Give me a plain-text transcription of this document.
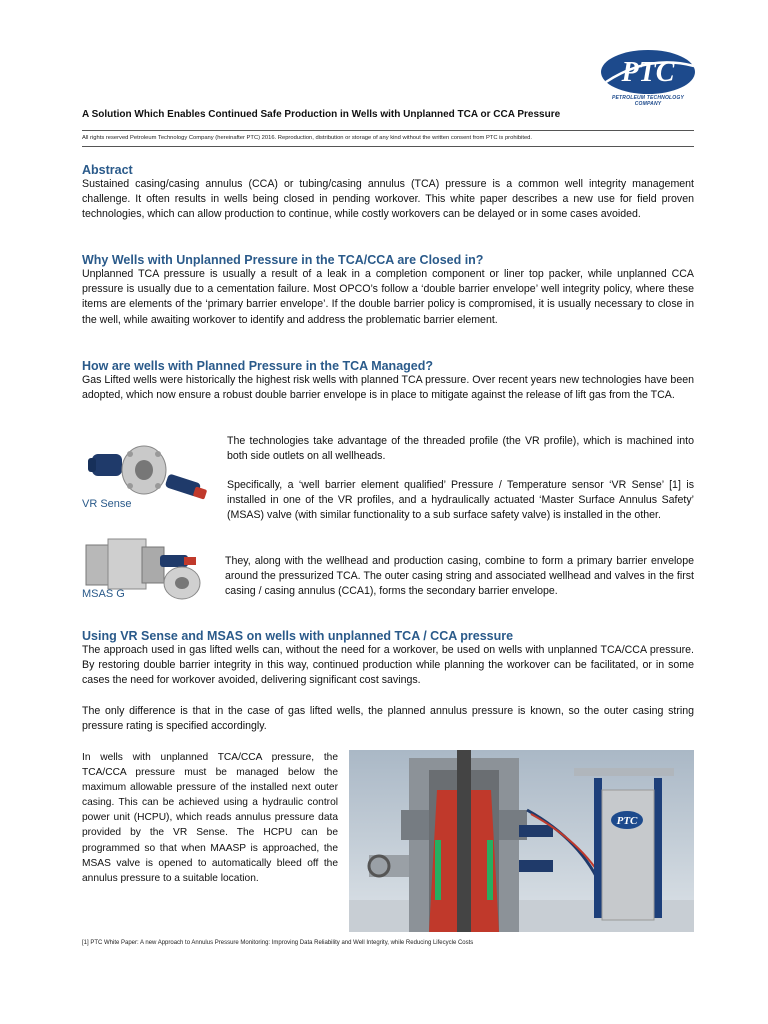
PTC
PETROLEUM TECHNOLOGY COMPANY
A Solution Which Enables Continued Safe Production in Wells with Unplanned TCA or CCA Pressure
All rights reserved Petroleum Technology Company (hereinafter PTC) 2016. Reproduction, distribution or storage of any kind without the written consent from PTC is prohibited.
Abstract

Sustained casing/casing annulus (CCA) or tubing/casing annulus (TCA) pressure is a common well integrity management challenge. It often results in wells being closed in pending workover. This white paper describes a new use for field proven technologies, which can allow production to continue, while costly workovers can be delayed or in some cases avoided.

Why Wells with Unplanned Pressure in the TCA/CCA are Closed in?

Unplanned TCA pressure is usually a result of a leak in a completion component or liner top packer, while unplanned CCA pressure is usually due to a cementation failure. Most OPCO’s follow a ‘double barrier envelope’ well integrity policy, where these items are elements of the ‘primary barrier envelope’. If the double barrier policy is compromised, it is usually necessary to close in the well, while awaiting workover to identify and address the problematic barrier element.

How are wells with Planned Pressure in the TCA Managed?

Gas Lifted wells were historically the highest risk wells with planned TCA pressure. Over recent years new technologies have been adopted, which now ensure a robust double barrier envelope is in place to mitigate against the release of lift gas from the TCA.

VR Sense

The technologies take advantage of the threaded profile (the VR profile), which is machined into both side outlets on all wellheads.

Specifically, a ‘well barrier element qualified’ Pressure / Temperature sensor ‘VR Sense’ [1] is installed in one of the VR profiles, and a hydraulically actuated ‘Master Surface Annulus Safety’ (MSAS) valve (with similar functionality to a sub surface safety valve) is installed in the other.

MSAS G

They, along with the wellhead and production casing, combine to form a primary barrier envelope around the pressurized TCA. The outer casing string and associated wellhead and valves in the first casing / casing annulus (CCA1), forms the secondary barrier envelope.

Using VR Sense and MSAS on wells with unplanned TCA / CCA pressure

The approach used in gas lifted wells can, without the need for a workover, be used on wells with unplanned TCA/CCA pressure. By restoring double barrier integrity in this way, continued production while planning the workover can be facilitated, or in some cases the need for workover avoided, delivering significant cost savings.

The only difference is that in the case of gas lifted wells, the planned annulus pressure is known, so the outer casing string pressure rating is specified accordingly.

In wells with unplanned TCA/CCA pressure, the TCA/CCA pressure must be managed below the maximum allowable pressure of the installed next outer casing. This can be achieved using a hydraulic control power unit (HCPU), which reads annulus pressure data provided by the VR Sense. The HCPU can be programmed so that when MAASP is approached, the MSAS valve is opened to automatically bleed off the annulus pressure to a suitable location.

PTC
[1] PTC White Paper: A new Approach to Annulus Pressure Monitoring: Improving Data Reliability and Well Integrity, while Reducing Lifecycle Costs
